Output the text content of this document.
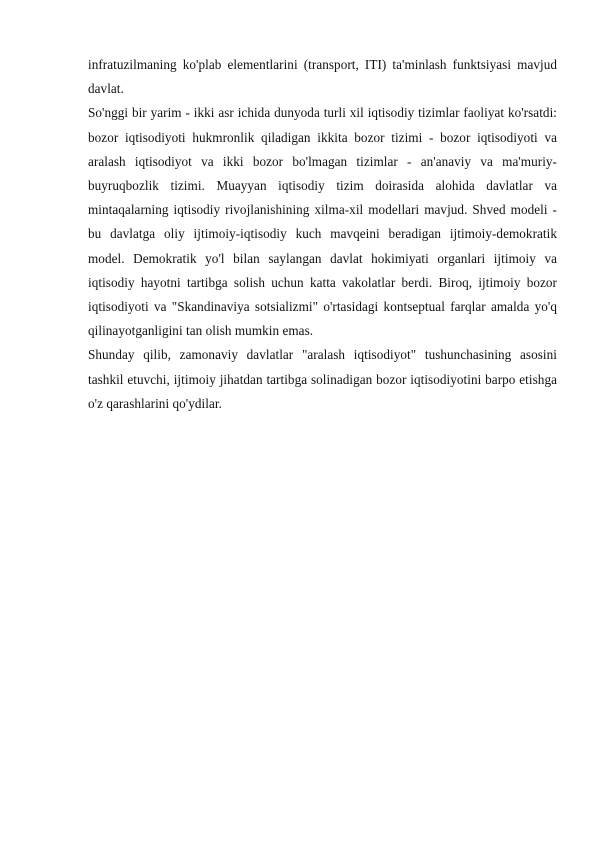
infratuzilmaning ko'plab elementlarini (transport, ITI) ta'minlash funktsiyasi mavjud davlat.

So'nggi bir yarim - ikki asr ichida dunyoda turli xil iqtisodiy tizimlar faoliyat ko'rsatdi: bozor iqtisodiyoti hukmronlik qiladigan ikkita bozor tizimi - bozor iqtisodiyoti va aralash iqtisodiyot va ikki bozor bo'lmagan tizimlar - an'anaviy va ma'muriy-buyruqbozlik tizimi. Muayyan iqtisodiy tizim doirasida alohida davlatlar va mintaqalarning iqtisodiy rivojlanishining xilma-xil modellari mavjud. Shved modeli - bu davlatga oliy ijtimoiy-iqtisodiy kuch mavqeini beradigan ijtimoiy-demokratik model. Demokratik yo'l bilan saylangan davlat hokimiyati organlari ijtimoiy va iqtisodiy hayotni tartibga solish uchun katta vakolatlar berdi. Biroq, ijtimoiy bozor iqtisodiyoti va "Skandinaviya sotsializmi" o'rtasidagi kontseptual farqlar amalda yo'q qilinayotganligini tan olish mumkin emas.

Shunday qilib, zamonaviy davlatlar "aralash iqtisodiyot" tushunchasining asosini tashkil etuvchi, ijtimoiy jihatdan tartibga solinadigan bozor iqtisodiyotini barpo etishga o'z qarashlarini qo'ydilar.
